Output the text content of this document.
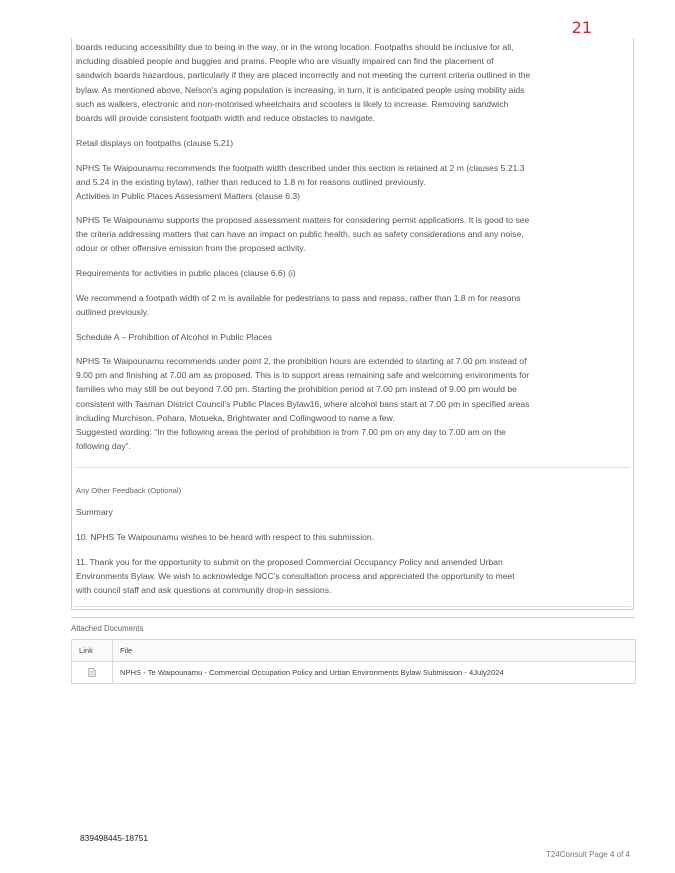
21
boards reducing accessibility due to being in the way, or in the wrong location. Footpaths should be inclusive for all,
including disabled people and buggies and prams. People who are visually impaired can find the placement of
sandwich boards hazardous, particularly if they are placed incorrectly and not meeting the current criteria outlined in the
bylaw. As mentioned above, Nelson’s aging population is increasing, in turn, it is anticipated people using mobility aids
such as walkers, electronic and non-motorised wheelchairs and scooters is likely to increase. Removing sandwich
boards will provide consistent footpath width and reduce obstacles to navigate.
Retail displays on footpaths (clause 5.21)
NPHS Te Waipounamu recommends the footpath width described under this section is retained at 2 m (clauses 5.21.3
and 5.24 in the existing bylaw), rather than reduced to 1.8 m for reasons outlined previously.
Activities in Public Places Assessment Matters (clause 6.3)
NPHS Te Waipounamu supports the proposed assessment matters for considering permit applications. It is good to see
the criteria addressing matters that can have an impact on public health, such as safety considerations and any noise,
odour or other offensive emission from the proposed activity.
Requirements for activities in public places (clause 6.6) (i)
We recommend a footpath width of 2 m is available for pedestrians to pass and repass, rather than 1.8 m for reasons
outlined previously.
Schedule A – Prohibition of Alcohol in Public Places
NPHS Te Waipounamu recommends under point 2, the prohibition hours are extended to starting at 7.00 pm instead of
9.00 pm and finishing at 7.00 am as proposed. This is to support areas remaining safe and welcoming environments for
families who may still be out beyond 7.00 pm. Starting the prohibition period at 7.00 pm instead of 9.00 pm would be
consistent with Tasman District Council’s Public Places Bylaw16, where alcohol bans start at 7.00 pm in specified areas
including Murchison, Pohara, Motueka, Brightwater and Collingwood to name a few.
Suggested wording: “In the following areas the period of prohibition is from 7.00 pm on any day to 7.00 am on the
following day”.
Any Other Feedback (Optional)
Summary
10. NPHS Te Waipounamu wishes to be heard with respect to this submission.
11. Thank you for the opportunity to submit on the proposed Commercial Occupancy Policy and amended Urban
Environments Bylaw. We wish to acknowledge NCC’s consultation process and appreciated the opportunity to meet
with council staff and ask questions at community drop-in sessions.
Attached Documents
Link	File
	NPHS - Te Waipounamu - Commercial Occupation Policy and Urban Environments Bylaw Submission - 4July2024
839498445-18751
T24Consult Page 4 of 4
